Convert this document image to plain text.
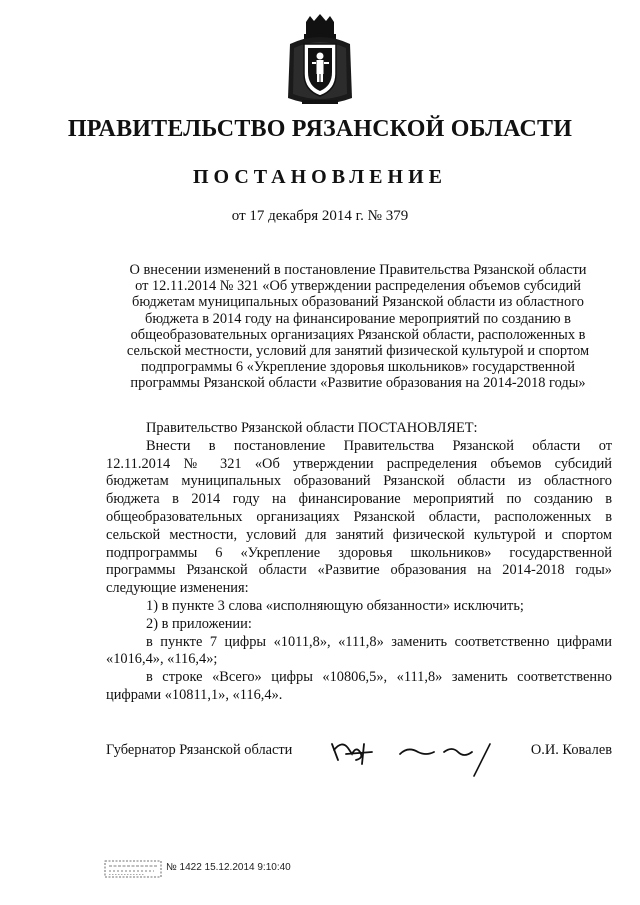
ПРАВИТЕЛЬСТВО РЯЗАНСКОЙ ОБЛАСТИ
ПОСТАНОВЛЕНИЕ
от 17 декабря 2014 г. № 379
О внесении изменений в постановление Правительства Рязанской области
от 12.11.2014 № 321 «Об утверждении распределения объемов субсидий
бюджетам муниципальных образований Рязанской области из областного
бюджета в 2014 году на финансирование мероприятий по созданию в
общеобразовательных организациях Рязанской области, расположенных в
сельской местности, условий для занятий физической культурой и спортом
подпрограммы 6 «Укрепление здоровья школьников» государственной
программы Рязанской области «Развитие образования на 2014-2018 годы»
Правительство Рязанской области ПОСТАНОВЛЯЕТ:
Внести в постановление Правительства Рязанской области от
12.11.2014 № 321 «Об утверждении распределения объемов субсидий
бюджетам муниципальных образований Рязанской области из областного
бюджета в 2014 году на финансирование мероприятий по созданию в
общеобразовательных организациях Рязанской области, расположенных в
сельской местности, условий для занятий физической культурой и спортом
подпрограммы 6 «Укрепление здоровья школьников» государственной
программы Рязанской области «Развитие образования на 2014-2018 годы»
следующие изменения:
1) в пункте 3 слова «исполняющую обязанности» исключить;
2) в приложении:
в пункте 7 цифры «1011,8», «111,8» заменить соответственно цифрами
«1016,4», «116,4»;
в строке «Всего» цифры «10806,5», «111,8» заменить соответственно
цифрами «10811,1», «116,4».
Губернатор Рязанской области	О.И. Ковалев
№ 1422 15.12.2014 9:10:40
